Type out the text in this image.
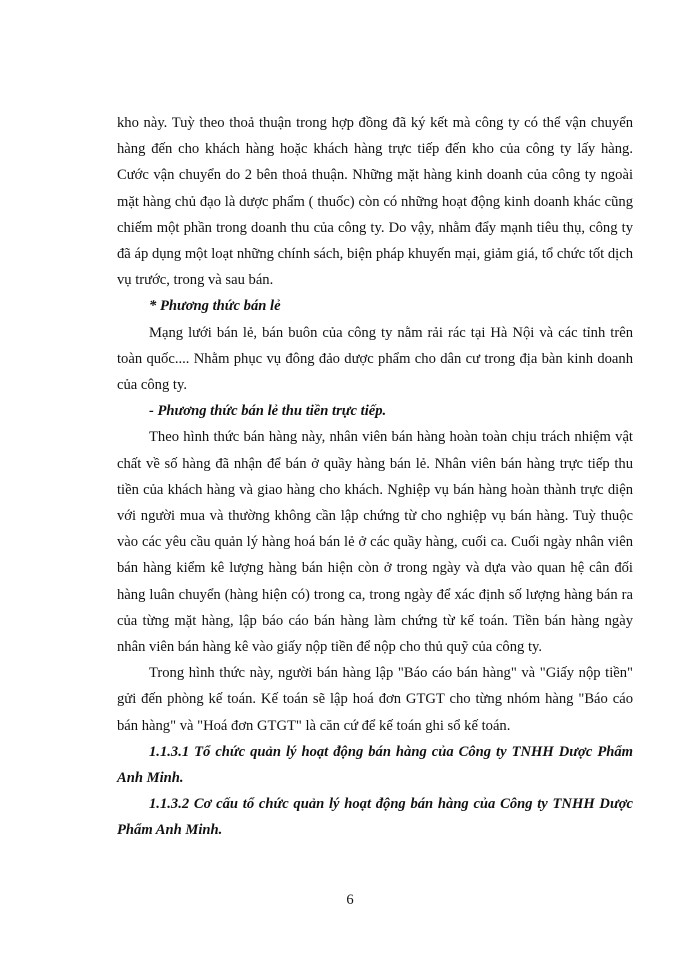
kho này. Tuỳ theo thoả thuận trong hợp đồng đã ký kết mà công ty có thể vận chuyển hàng đến cho khách hàng hoặc khách hàng trực tiếp đến kho của công ty lấy hàng. Cước vận chuyển do 2 bên thoả thuận. Những mặt hàng kinh doanh của công ty ngoài mặt hàng chủ đạo là dược phẩm ( thuốc) còn có những hoạt động kinh doanh khác cũng chiếm một phần trong doanh thu của công ty. Do vậy, nhằm đẩy mạnh tiêu thụ, công ty đã áp dụng một loạt những chính sách, biện pháp khuyến mại, giảm giá, tổ chức tốt dịch vụ trước, trong và sau bán.

* Phương thức bán lẻ

Mạng lưới bán lẻ, bán buôn của công ty nằm rải rác tại Hà Nội và các tỉnh trên toàn quốc.... Nhằm phục vụ đông đảo dược phẩm cho dân cư trong địa bàn kinh doanh của công ty.

- Phương thức bán lẻ thu tiền trực tiếp.

Theo hình thức bán hàng này, nhân viên bán hàng hoàn toàn chịu trách nhiệm vật chất về số hàng đã nhận để bán ở quầy hàng bán lẻ. Nhân viên bán hàng trực tiếp thu tiền của khách hàng và giao hàng cho khách. Nghiệp vụ bán hàng hoàn thành trực diện với người mua và thường không cần lập chứng từ cho nghiệp vụ bán hàng. Tuỳ thuộc vào các yêu cầu quản lý hàng hoá bán lẻ ở các quầy hàng, cuối ca. Cuối ngày nhân viên bán hàng kiểm kê lượng hàng bán hiện còn ở trong ngày và dựa vào quan hệ cân đối hàng luân chuyển (hàng hiện có) trong ca, trong ngày để xác định số lượng hàng bán ra của từng mặt hàng, lập báo cáo bán hàng làm chứng từ kế toán. Tiền bán hàng ngày nhân viên bán hàng kê vào giấy nộp tiền để nộp cho thủ quỹ của công ty.

Trong hình thức này, người bán hàng lập "Báo cáo bán hàng" và "Giấy nộp tiền" gửi đến phòng kế toán. Kế toán sẽ lập hoá đơn GTGT cho từng nhóm hàng "Báo cáo bán hàng" và "Hoá đơn GTGT" là căn cứ để kế toán ghi sổ kế toán.

1.1.3.1 Tổ chức quản lý hoạt động bán hàng của Công ty TNHH Dược Phẩm Anh Minh.

1.1.3.2 Cơ cấu tổ chức quản lý hoạt động bán hàng của Công ty TNHH Dược Phẩm Anh Minh.

6
